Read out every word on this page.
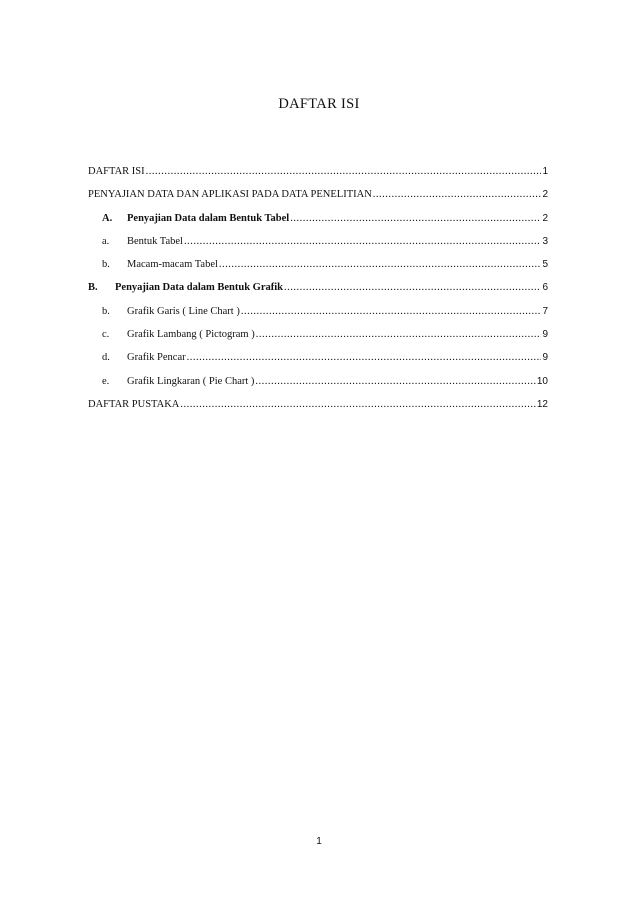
DAFTAR ISI
DAFTAR ISI .....	1
PENYAJIAN DATA DAN APLIKASI PADA DATA PENELITIAN .....	2
A.	Penyajian Data dalam Bentuk Tabel .....	2
a.	Bentuk Tabel .....	3
b.	Macam-macam Tabel .....	5
B.	Penyajian Data dalam Bentuk Grafik .....	6
b.	Grafik Garis ( Line Chart ) .....	7
c.	Grafik Lambang ( Pictogram ) .....	9
d.	Grafik Pencar .....	9
e.	Grafik Lingkaran ( Pie Chart ) .....	10
DAFTAR PUSTAKA .....	12
1
